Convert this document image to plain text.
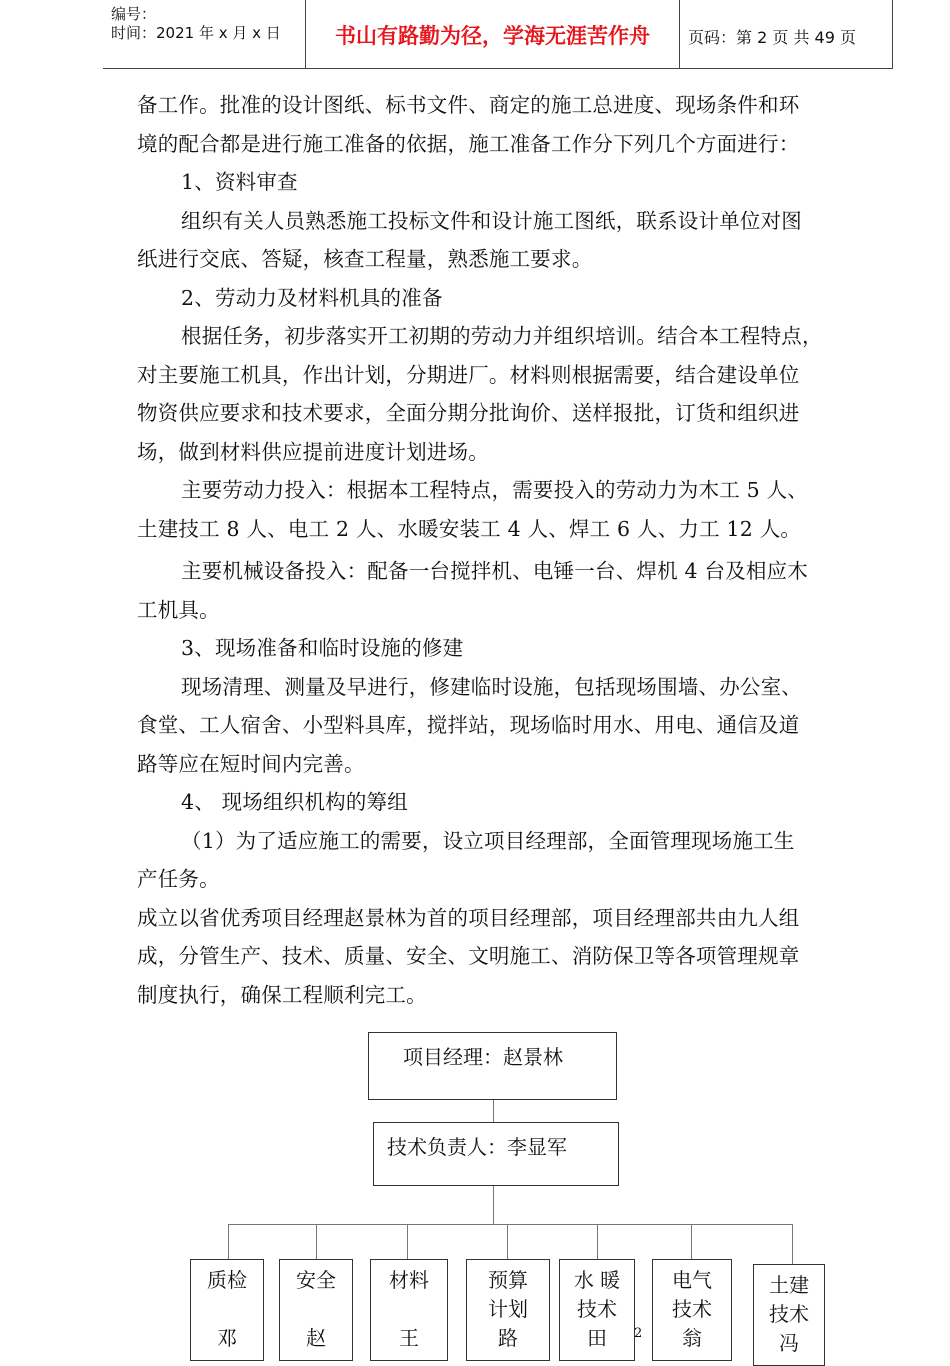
编号：
时间：2021 年 x 月 x 日	书山有路勤为径，学海无涯苦作舟	页码：第 2 页 共 49 页
备工作。批准的设计图纸、标书文件、商定的施工总进度、现场条件和环
境的配合都是进行施工准备的依据，施工准备工作分下列几个方面进行：
1、资料审查
组织有关人员熟悉施工投标文件和设计施工图纸，联系设计单位对图
纸进行交底、答疑，核查工程量，熟悉施工要求。
2、劳动力及材料机具的准备
根据任务，初步落实开工初期的劳动力并组织培训。结合本工程特点，
对主要施工机具，作出计划，分期进厂。材料则根据需要，结合建设单位
物资供应要求和技术要求，全面分期分批询价、送样报批，订货和组织进
场，做到材料供应提前进度计划进场。
主要劳动力投入：根据本工程特点，需要投入的劳动力为木工 5 人、
土建技工 8 人、电工 2 人、水暖安装工 4 人、焊工 6 人、力工 12 人。
主要机械设备投入：配备一台搅拌机、电锤一台、焊机 4 台及相应木
工机具。
3、现场准备和临时设施的修建
现场清理、测量及早进行，修建临时设施，包括现场围墙、办公室、
食堂、工人宿舍、小型料具库，搅拌站，现场临时用水、用电、通信及道
路等应在短时间内完善。
4、 现场组织机构的筹组
（1）为了适应施工的需要，设立项目经理部，全面管理现场施工生
产任务。
成立以省优秀项目经理赵景林为首的项目经理部，项目经理部共由九人组
成，分管生产、技术、质量、安全、文明施工、消防保卫等各项管理规章
制度执行，确保工程顺利完工。
项目经理：赵景林
技术负责人：李显军
质检
邓
安全
赵
材料
王
预算
计划
路
水 暖
技术
田
电气
技术
翁
土建
技术
冯
2
